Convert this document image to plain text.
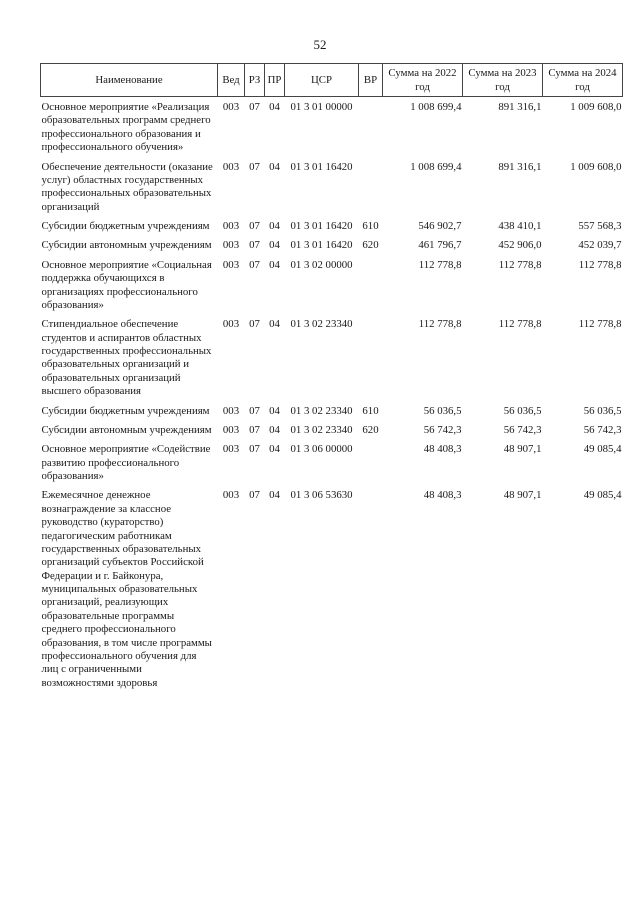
52
Наименование	Вед	РЗ	ПР	ЦСР	ВР	Сумма на 2022 год	Сумма на 2023 год	Сумма на 2024 год
Основное мероприятие «Реализация образовательных программ среднего профессионального образования и профессионального обучения»	003	07	04	01 3 01 00000		1 008 699,4	891 316,1	1 009 608,0
Обеспечение деятельности (оказание услуг) областных государственных профессиональных образовательных организаций	003	07	04	01 3 01 16420		1 008 699,4	891 316,1	1 009 608,0
Субсидии бюджетным учреждениям	003	07	04	01 3 01 16420	610	546 902,7	438 410,1	557 568,3
Субсидии автономным учреждениям	003	07	04	01 3 01 16420	620	461 796,7	452 906,0	452 039,7
Основное мероприятие «Социальная поддержка обучающихся в организациях профессионального образования»	003	07	04	01 3 02 00000		112 778,8	112 778,8	112 778,8
Стипендиальное обеспечение студентов и аспирантов областных государственных профессиональных образовательных организаций и образовательных организаций высшего образования	003	07	04	01 3 02 23340		112 778,8	112 778,8	112 778,8
Субсидии бюджетным учреждениям	003	07	04	01 3 02 23340	610	56 036,5	56 036,5	56 036,5
Субсидии автономным учреждениям	003	07	04	01 3 02 23340	620	56 742,3	56 742,3	56 742,3
Основное мероприятие «Содействие развитию профессионального образования»	003	07	04	01 3 06 00000		48 408,3	48 907,1	49 085,4
Ежемесячное денежное вознаграждение за классное руководство (кураторство) педагогическим работникам государственных образовательных организаций субъектов Российской Федерации и г. Байконура, муниципальных образовательных организаций, реализующих образовательные программы среднего профессионального образования, в том числе программы профессионального обучения для лиц с ограниченными возможностями здоровья	003	07	04	01 3 06 53630		48 408,3	48 907,1	49 085,4
